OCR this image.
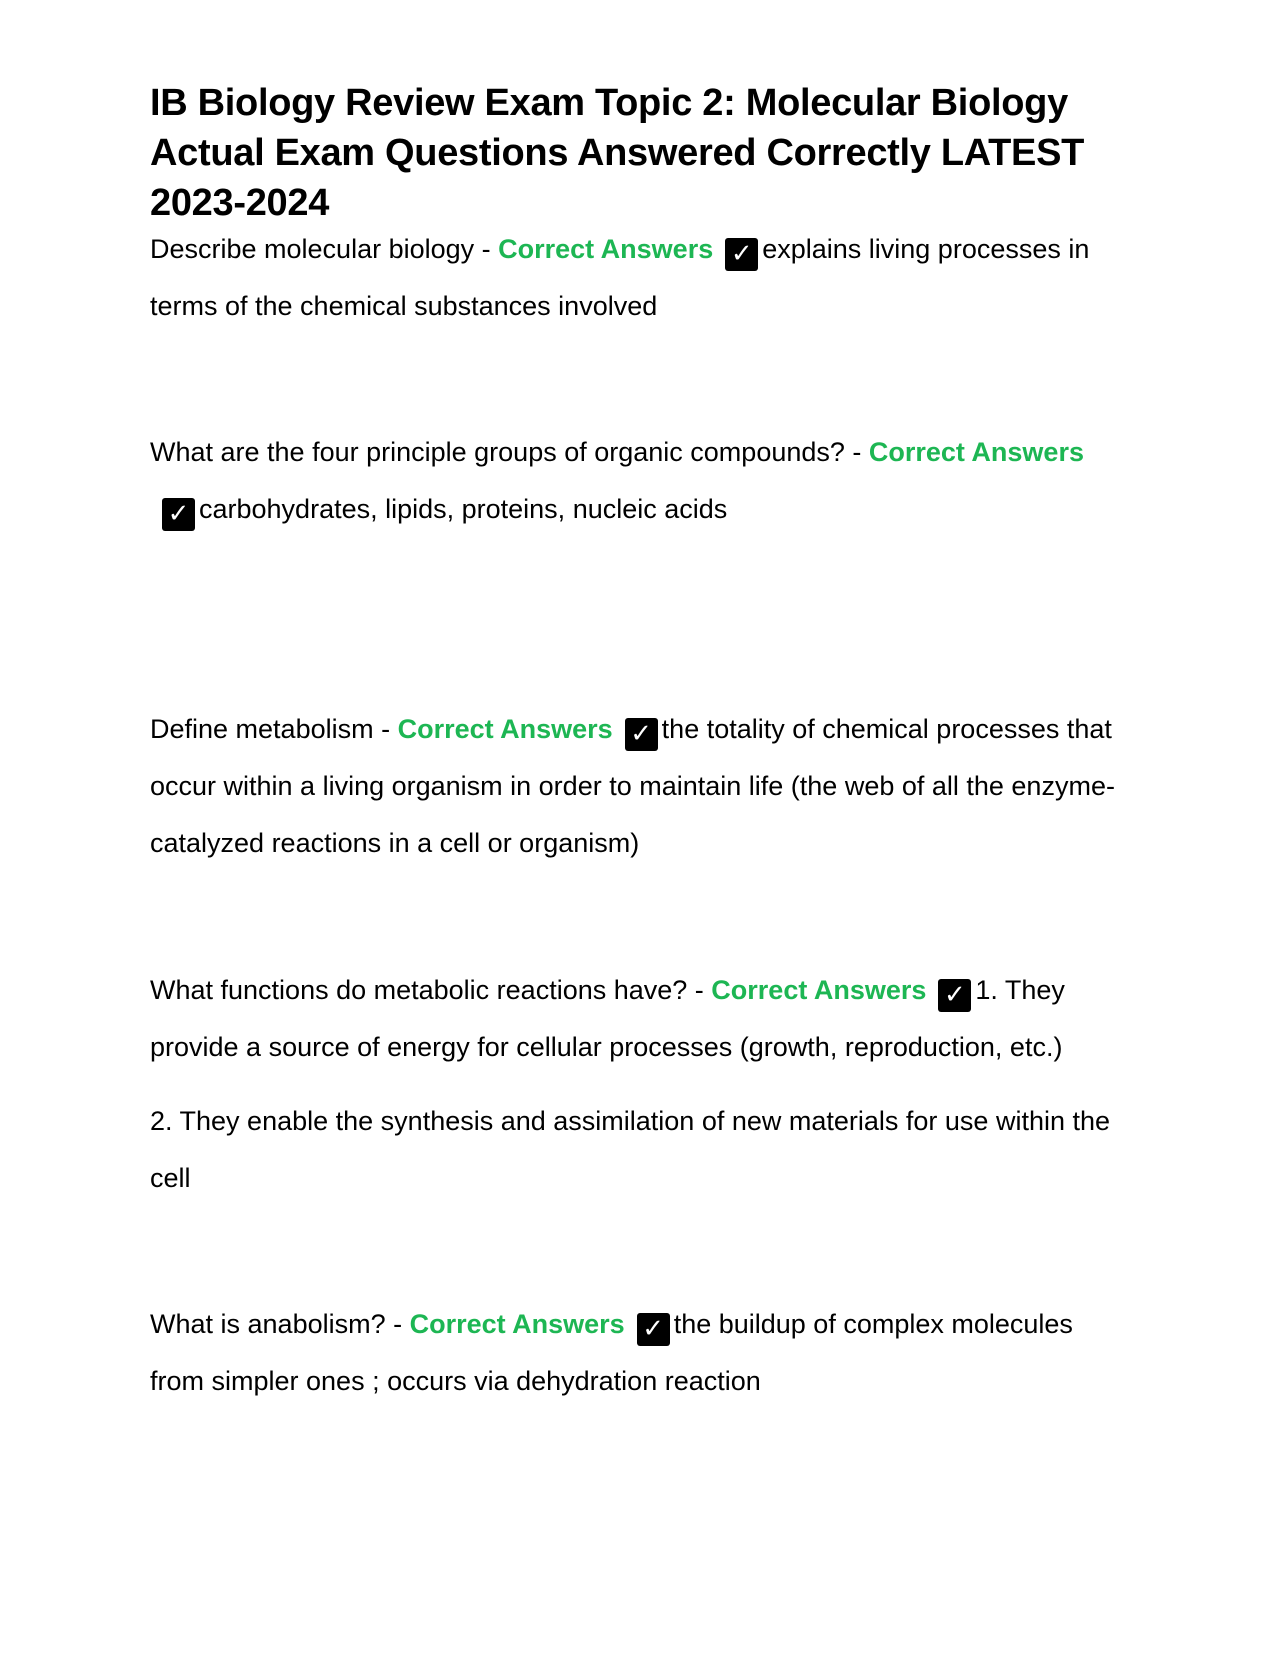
IB Biology Review Exam Topic 2: Molecular Biology
Actual Exam Questions Answered Correctly LATEST
2023-2024

Describe molecular biology - Correct Answers ✓ explains living processes in terms of the chemical substances involved

What are the four principle groups of organic compounds? - Correct Answers✓ carbohydrates, lipids, proteins, nucleic acids

Define metabolism - Correct Answers ✓ the totality of chemical processes that occur within a living organism in order to maintain life (the web of all the enzyme-catalyzed reactions in a cell or organism)

What functions do metabolic reactions have? - Correct Answers ✓ 1. They provide a source of energy for cellular processes (growth, reproduction, etc.)

2. They enable the synthesis and assimilation of new materials for use within the cell

What is anabolism? - Correct Answers ✓ the buildup of complex molecules from simpler ones ; occurs via dehydration reaction
